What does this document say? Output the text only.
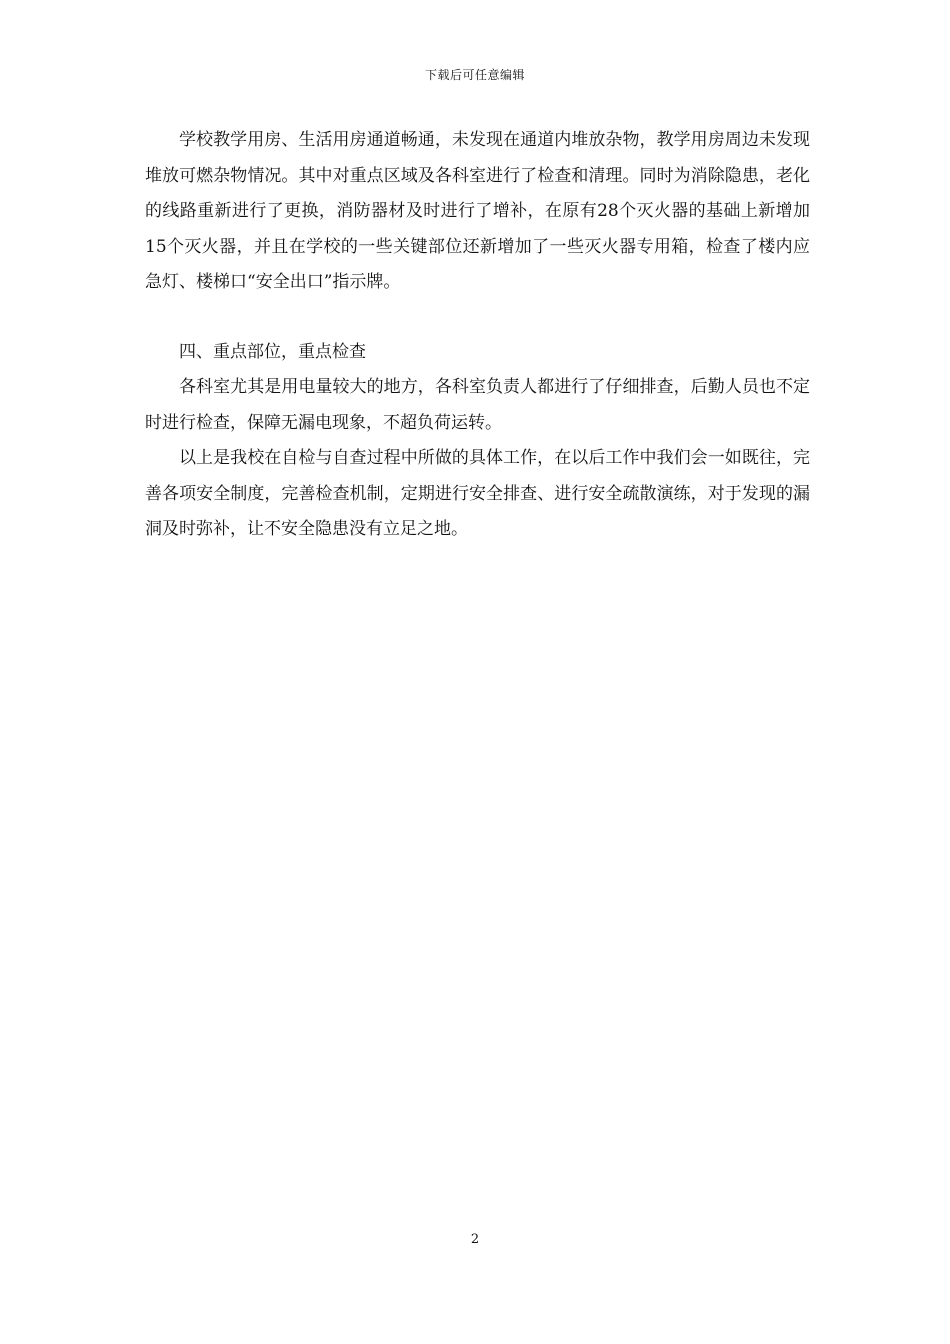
下载后可任意编辑

学校教学用房、生活用房通道畅通，未发现在通道内堆放杂物，教学用房周边未发现堆放可燃杂物情况。其中对重点区域及各科室进行了检查和清理。同时为消除隐患，老化的线路重新进行了更换，消防器材及时进行了增补，在原有28个灭火器的基础上新增加15个灭火器，并且在学校的一些关键部位还新增加了一些灭火器专用箱，检查了楼内应急灯、楼梯口“安全出口”指示牌。

四、重点部位，重点检查

各科室尤其是用电量较大的地方，各科室负责人都进行了仔细排查，后勤人员也不定时进行检查，保障无漏电现象，不超负荷运转。

以上是我校在自检与自查过程中所做的具体工作，在以后工作中我们会一如既往，完善各项安全制度，完善检查机制，定期进行安全排查、进行安全疏散演练，对于发现的漏洞及时弥补，让不安全隐患没有立足之地。

2
